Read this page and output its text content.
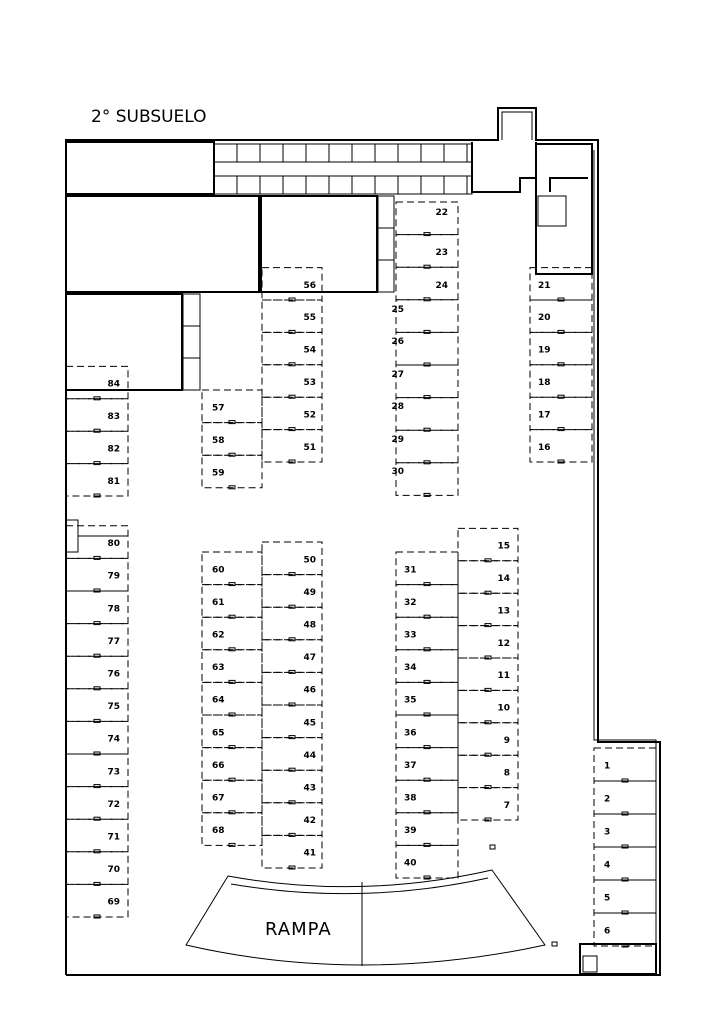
2° SUBSUELO
1
2
3
4
5
6
7
8
9
10
11
12
13
14
15
16
17
18
19
20
21
22
23
24
25
26
27
28
29
30
31
32
33
34
35
36
37
38
39
40
41
42
43
44
45
46
47
48
49
50
51
52
53
54
55
56
57
58
59
60
61
62
63
64
65
66
67
68
69
70
71
72
73
74
75
76
77
78
79
80
81
82
83
84
RAMPA
